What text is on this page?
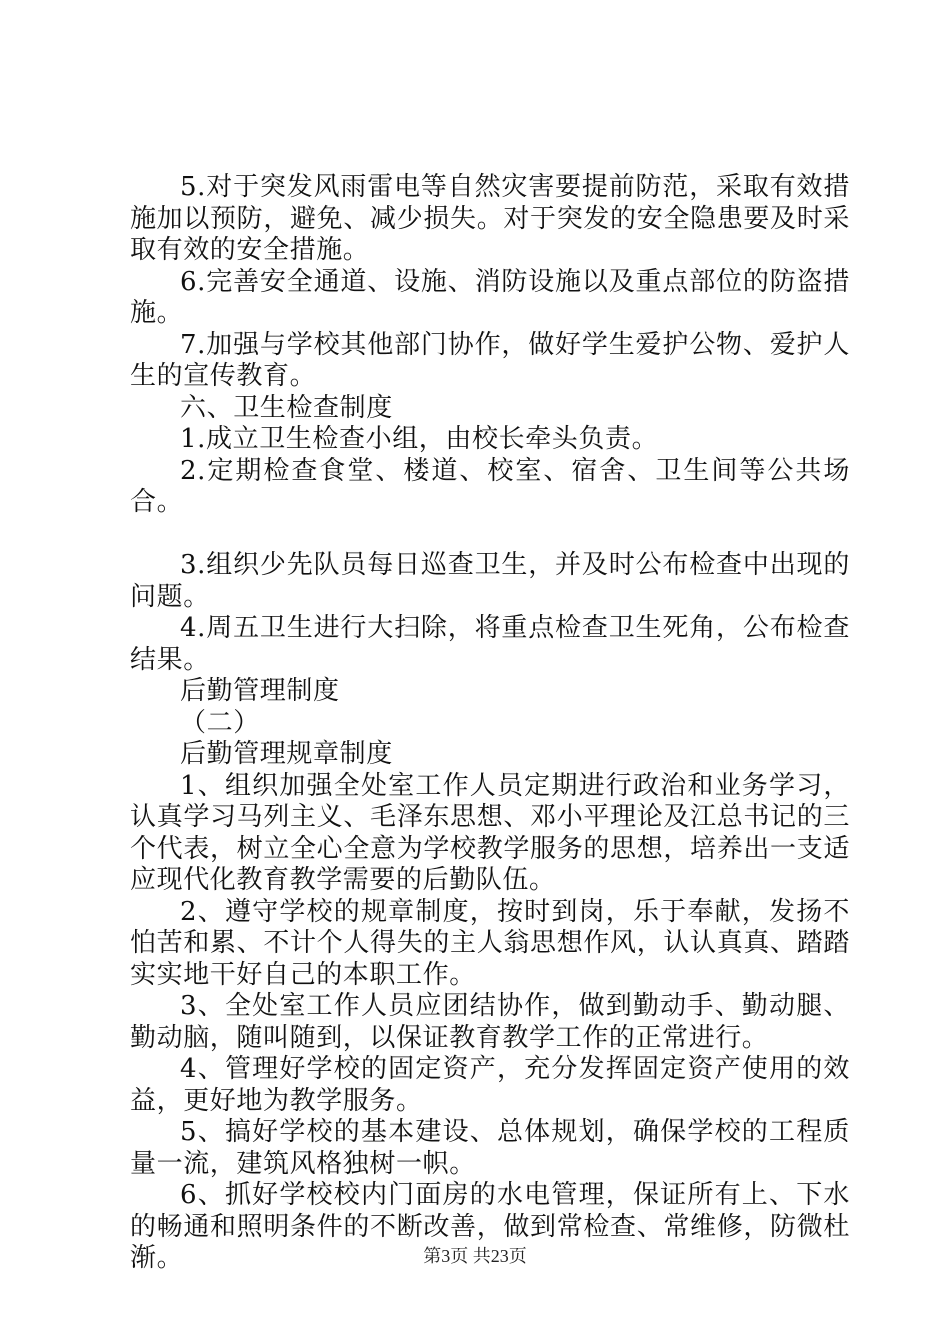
5.对于突发风雨雷电等自然灾害要提前防范，采取有效措施加以预防，避免、减少损失。对于突发的安全隐患要及时采取有效的安全措施。

6.完善安全通道、设施、消防设施以及重点部位的防盗措施。

7.加强与学校其他部门协作，做好学生爱护公物、爱护人生的宣传教育。

六、卫生检查制度

1.成立卫生检查小组，由校长牵头负责。

2.定期检查食堂、楼道、校室、宿舍、卫生间等公共场合。

3.组织少先队员每日巡查卫生，并及时公布检查中出现的问题。

4.周五卫生进行大扫除，将重点检查卫生死角，公布检查结果。

后勤管理制度

（二）

后勤管理规章制度

1、组织加强全处室工作人员定期进行政治和业务学习，认真学习马列主义、毛泽东思想、邓小平理论及江总书记的三个代表，树立全心全意为学校教学服务的思想，培养出一支适应现代化教育教学需要的后勤队伍。

2、遵守学校的规章制度，按时到岗，乐于奉献，发扬不怕苦和累、不计个人得失的主人翁思想作风，认认真真、踏踏实实地干好自己的本职工作。

3、全处室工作人员应团结协作，做到勤动手、勤动腿、勤动脑，随叫随到，以保证教育教学工作的正常进行。

4、管理好学校的固定资产，充分发挥固定资产使用的效益，更好地为教学服务。

5、搞好学校的基本建设、总体规划，确保学校的工程质量一流，建筑风格独树一帜。

6、抓好学校校内门面房的水电管理，保证所有上、下水的畅通和照明条件的不断改善，做到常检查、常维修，防微杜渐。	第3页 共23页
